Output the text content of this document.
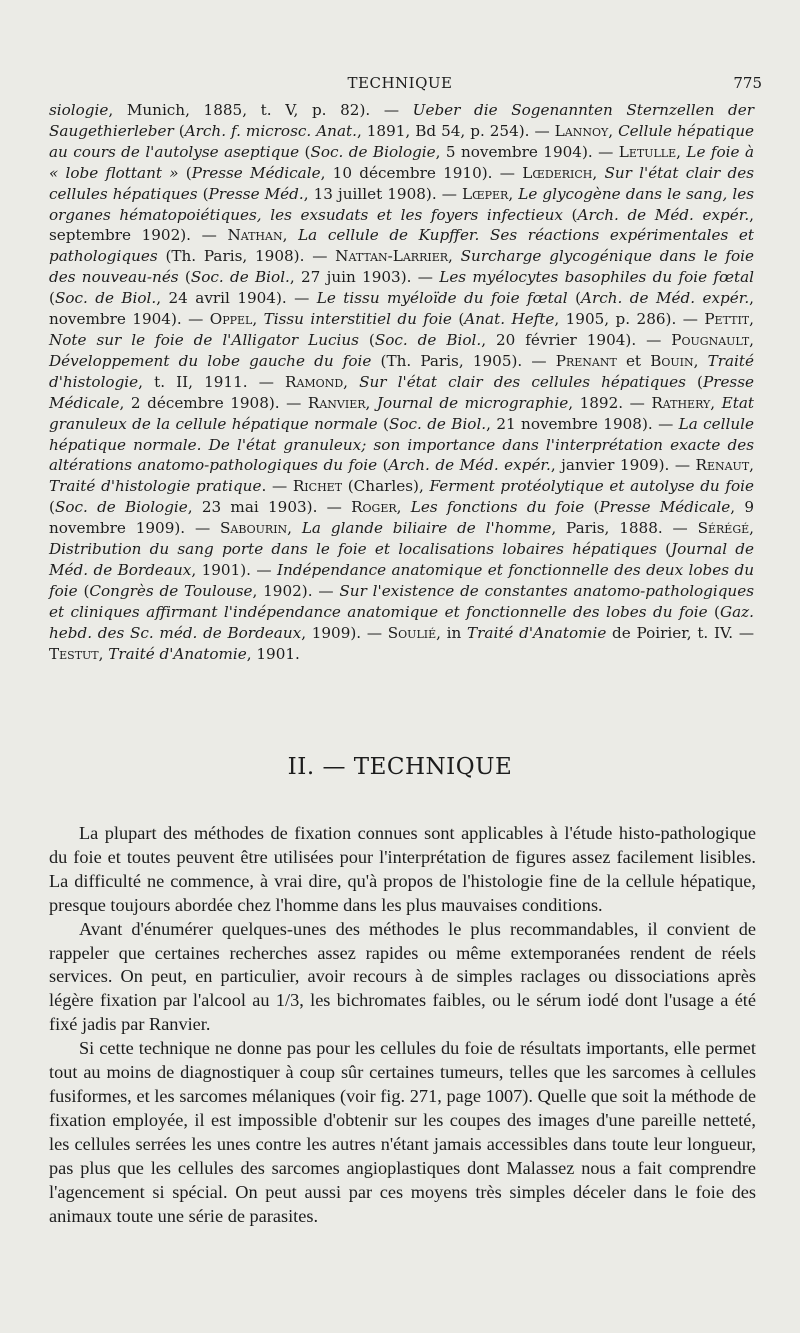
TECHNIQUE	775

siologie, Munich, 1885, t. V, p. 82). — Ueber die Sogenannten Sternzellen der Saugethierleber (Arch. f. microsc. Anat., 1891, Bd 54, p. 254). — Lannoy, Cellule hépatique au cours de l'autolyse aseptique (Soc. de Biologie, 5 novembre 1904). — Letulle, Le foie à « lobe flottant » (Presse Médicale, 10 décembre 1910). — Lœderich, Sur l'état clair des cellules hépatiques (Presse Méd., 13 juillet 1908). — Lœper, Le glycogène dans le sang, les organes hématopoiétiques, les exsudats et les foyers infectieux (Arch. de Méd. expér., septembre 1902). — Nathan, La cellule de Kupffer. Ses réactions expérimentales et pathologiques (Th. Paris, 1908). — Nattan-Larrier, Surcharge glycogénique dans le foie des nouveau-nés (Soc. de Biol., 27 juin 1903). — Les myélocytes basophiles du foie fœtal (Soc. de Biol., 24 avril 1904). — Le tissu myéloïde du foie fœtal (Arch. de Méd. expér., novembre 1904). — Oppel, Tissu interstitiel du foie (Anat. Hefte, 1905, p. 286). — Pettit, Note sur le foie de l'Alligator Lucius (Soc. de Biol., 20 février 1904). — Pougnault, Développement du lobe gauche du foie (Th. Paris, 1905). — Prenant et Bouin, Traité d'histologie, t. II, 1911. — Ramond, Sur l'état clair des cellules hépatiques (Presse Médicale, 2 décembre 1908). — Ranvier, Journal de micrographie, 1892. — Rathery, Etat granuleux de la cellule hépatique normale (Soc. de Biol., 21 novembre 1908). — La cellule hépatique normale. De l'état granuleux; son importance dans l'interprétation exacte des altérations anatomo-pathologiques du foie (Arch. de Méd. expér., janvier 1909). — Renaut, Traité d'histologie pratique. — Richet (Charles), Ferment protéolytique et autolyse du foie (Soc. de Biologie, 23 mai 1903). — Roger, Les fonctions du foie (Presse Médicale, 9 novembre 1909). — Sabourin, La glande biliaire de l'homme, Paris, 1888. — Sérégé, Distribution du sang porte dans le foie et localisations lobaires hépatiques (Journal de Méd. de Bordeaux, 1901). — Indépendance anatomique et fonctionnelle des deux lobes du foie (Congrès de Toulouse, 1902). — Sur l'existence de constantes anatomo-pathologiques et cliniques affirmant l'indépendance anatomique et fonctionnelle des lobes du foie (Gaz. hebd. des Sc. méd. de Bordeaux, 1909). — Soulié, in Traité d'Anatomie de Poirier, t. IV. — Testut, Traité d'Anatomie, 1901.

II. — TECHNIQUE

La plupart des méthodes de fixation connues sont applicables à l'étude histo-pathologique du foie et toutes peuvent être utilisées pour l'interprétation de figures assez facilement lisibles. La difficulté ne commence, à vrai dire, qu'à propos de l'histologie fine de la cellule hépatique, presque toujours abordée chez l'homme dans les plus mauvaises conditions.

Avant d'énumérer quelques-unes des méthodes le plus recommandables, il convient de rappeler que certaines recherches assez rapides ou même extemporanées rendent de réels services. On peut, en particulier, avoir recours à de simples raclages ou dissociations après légère fixation par l'alcool au 1/3, les bichromates faibles, ou le sérum iodé dont l'usage a été fixé jadis par Ranvier.

Si cette technique ne donne pas pour les cellules du foie de résultats importants, elle permet tout au moins de diagnostiquer à coup sûr certaines tumeurs, telles que les sarcomes à cellules fusiformes, et les sarcomes mélaniques (voir fig. 271, page 1007). Quelle que soit la méthode de fixation employée, il est impossible d'obtenir sur les coupes des images d'une pareille netteté, les cellules serrées les unes contre les autres n'étant jamais accessibles dans toute leur longueur, pas plus que les cellules des sarcomes angioplastiques dont Malassez nous a fait comprendre l'agencement si spécial. On peut aussi par ces moyens très simples déceler dans le foie des animaux toute une série de parasites.
